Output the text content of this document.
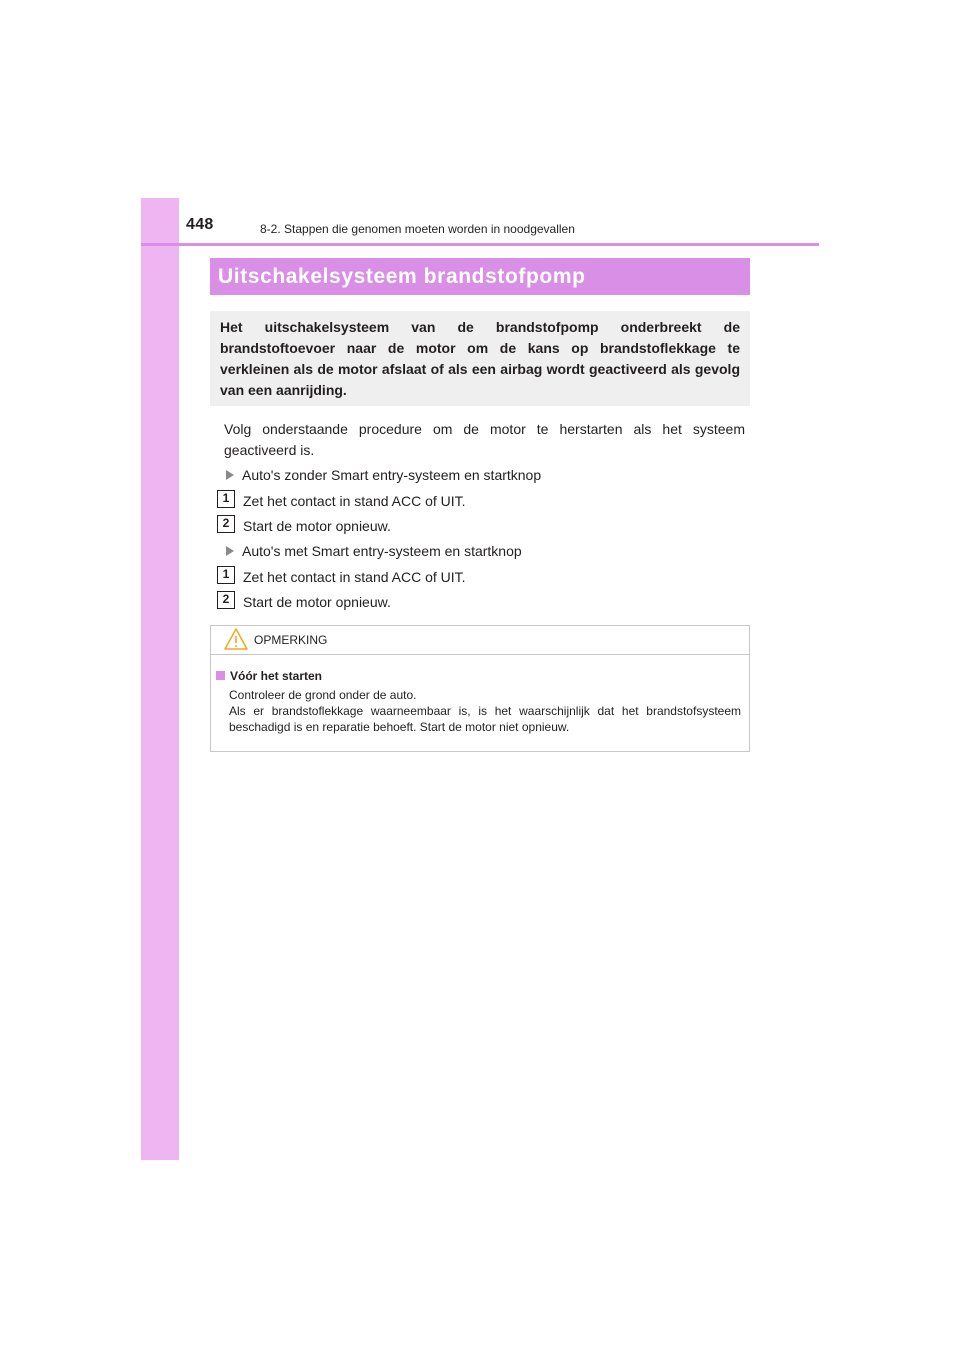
448	8-2. Stappen die genomen moeten worden in noodgevallen
Uitschakelsysteem brandstofpomp
Het uitschakelsysteem van de brandstofpomp onderbreekt de brandstoftoevoer naar de motor om de kans op brandstoflekkage te verkleinen als de motor afslaat of als een airbag wordt geactiveerd als gevolg van een aanrijding.
Volg onderstaande procedure om de motor te herstarten als het systeem geactiveerd is.
Auto's zonder Smart entry-systeem en startknop
1 Zet het contact in stand ACC of UIT.
2 Start de motor opnieuw.
Auto's met Smart entry-systeem en startknop
1 Zet het contact in stand ACC of UIT.
2 Start de motor opnieuw.
OPMERKING
Vóór het starten
Controleer de grond onder de auto.
Als er brandstoflekkage waarneembaar is, is het waarschijnlijk dat het brandstofsysteem beschadigd is en reparatie behoeft. Start de motor niet opnieuw.
